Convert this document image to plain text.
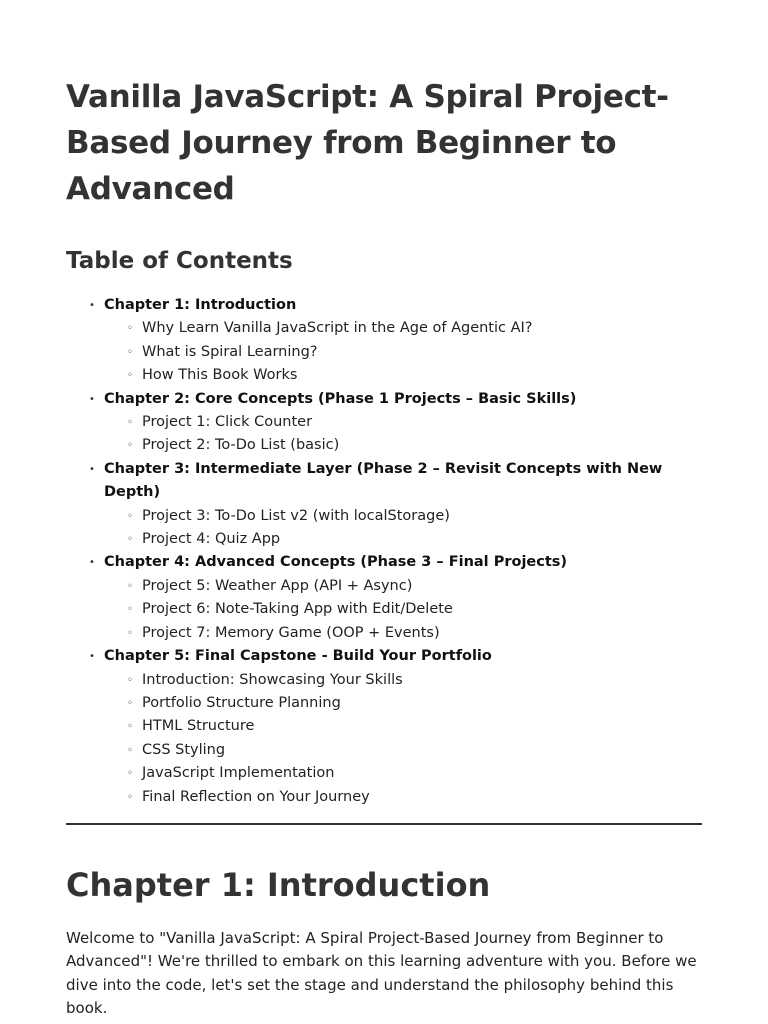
Vanilla JavaScript: A Spiral Project-Based Journey from Beginner to Advanced
Table of Contents
• Chapter 1: Introduction
◦ Why Learn Vanilla JavaScript in the Age of Agentic AI?
◦ What is Spiral Learning?
◦ How This Book Works
• Chapter 2: Core Concepts (Phase 1 Projects – Basic Skills)
◦ Project 1: Click Counter
◦ Project 2: To-Do List (basic)
• Chapter 3: Intermediate Layer (Phase 2 – Revisit Concepts with New Depth)
◦ Project 3: To-Do List v2 (with localStorage)
◦ Project 4: Quiz App
• Chapter 4: Advanced Concepts (Phase 3 – Final Projects)
◦ Project 5: Weather App (API + Async)
◦ Project 6: Note-Taking App with Edit/Delete
◦ Project 7: Memory Game (OOP + Events)
• Chapter 5: Final Capstone - Build Your Portfolio
◦ Introduction: Showcasing Your Skills
◦ Portfolio Structure Planning
◦ HTML Structure
◦ CSS Styling
◦ JavaScript Implementation
◦ Final Reflection on Your Journey
Chapter 1: Introduction

Welcome to "Vanilla JavaScript: A Spiral Project-Based Journey from Beginner to Advanced"! We're thrilled to embark on this learning adventure with you. Before we dive into the code, let's set the stage and understand the philosophy behind this book.
